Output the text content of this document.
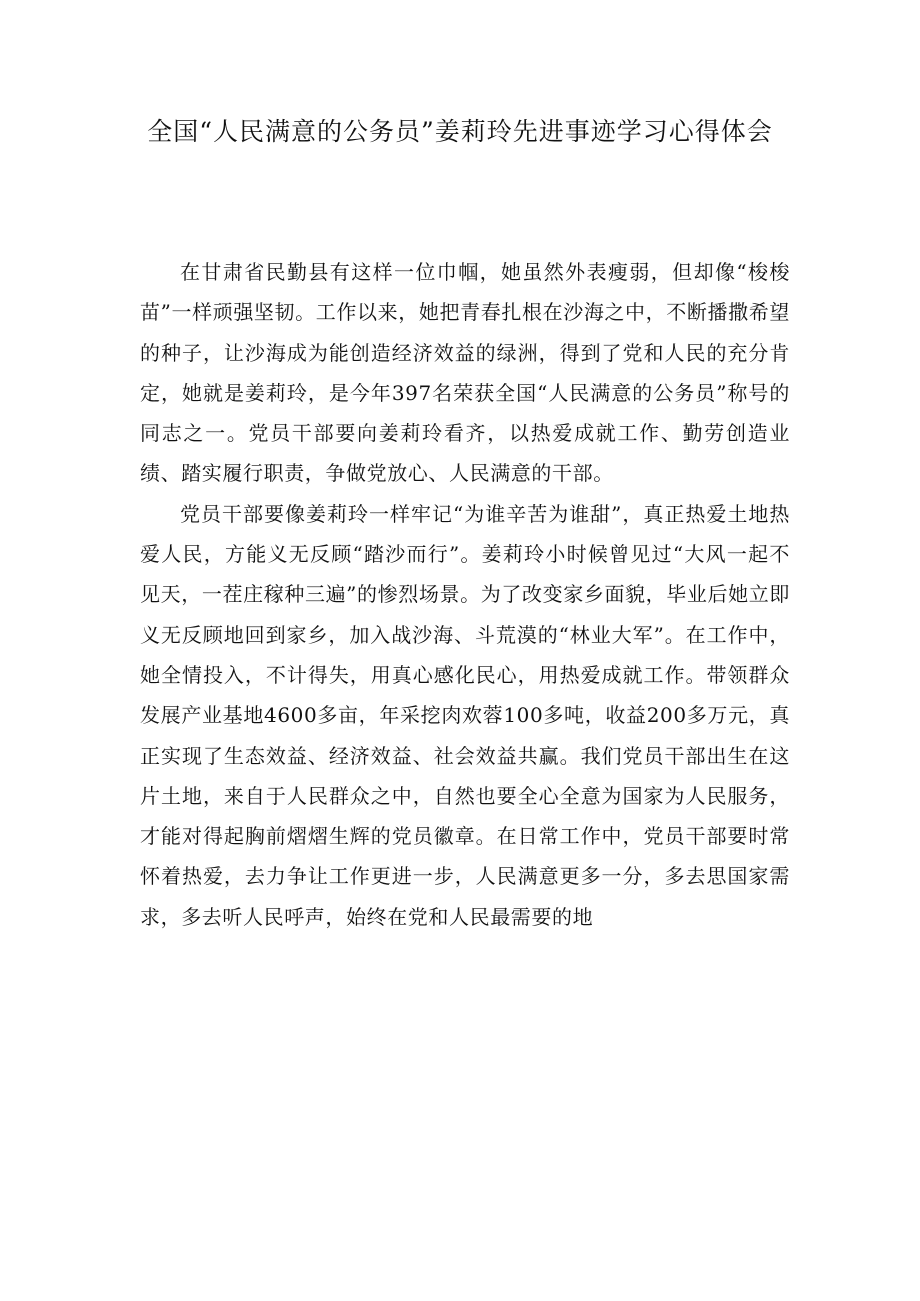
全国“人民满意的公务员”姜莉玲先进事迹学习心得体会

在甘肃省民勤县有这样一位巾帼，她虽然外表瘦弱，但却像“梭梭苗”一样顽强坚韧。工作以来，她把青春扎根在沙海之中，不断播撒希望的种子，让沙海成为能创造经济效益的绿洲，得到了党和人民的充分肯定，她就是姜莉玲，是今年397名荣获全国“人民满意的公务员”称号的同志之一。党员干部要向姜莉玲看齐，以热爱成就工作、勤劳创造业绩、踏实履行职责，争做党放心、人民满意的干部。

党员干部要像姜莉玲一样牢记“为谁辛苦为谁甜”，真正热爱土地热爱人民，方能义无反顾“踏沙而行”。姜莉玲小时候曾见过“大风一起不见天，一茬庄稼种三遍”的惨烈场景。为了改变家乡面貌，毕业后她立即义无反顾地回到家乡，加入战沙海、斗荒漠的“林业大军”。在工作中，她全情投入，不计得失，用真心感化民心，用热爱成就工作。带领群众发展产业基地4600多亩，年采挖肉欢蓉100多吨，收益200多万元，真正实现了生态效益、经济效益、社会效益共赢。我们党员干部出生在这片土地，来自于人民群众之中，自然也要全心全意为国家为人民服务，才能对得起胸前熠熠生辉的党员徽章。在日常工作中，党员干部要时常怀着热爱，去力争让工作更进一步，人民满意更多一分，多去思国家需求，多去听人民呼声，始终在党和人民最需要的地
